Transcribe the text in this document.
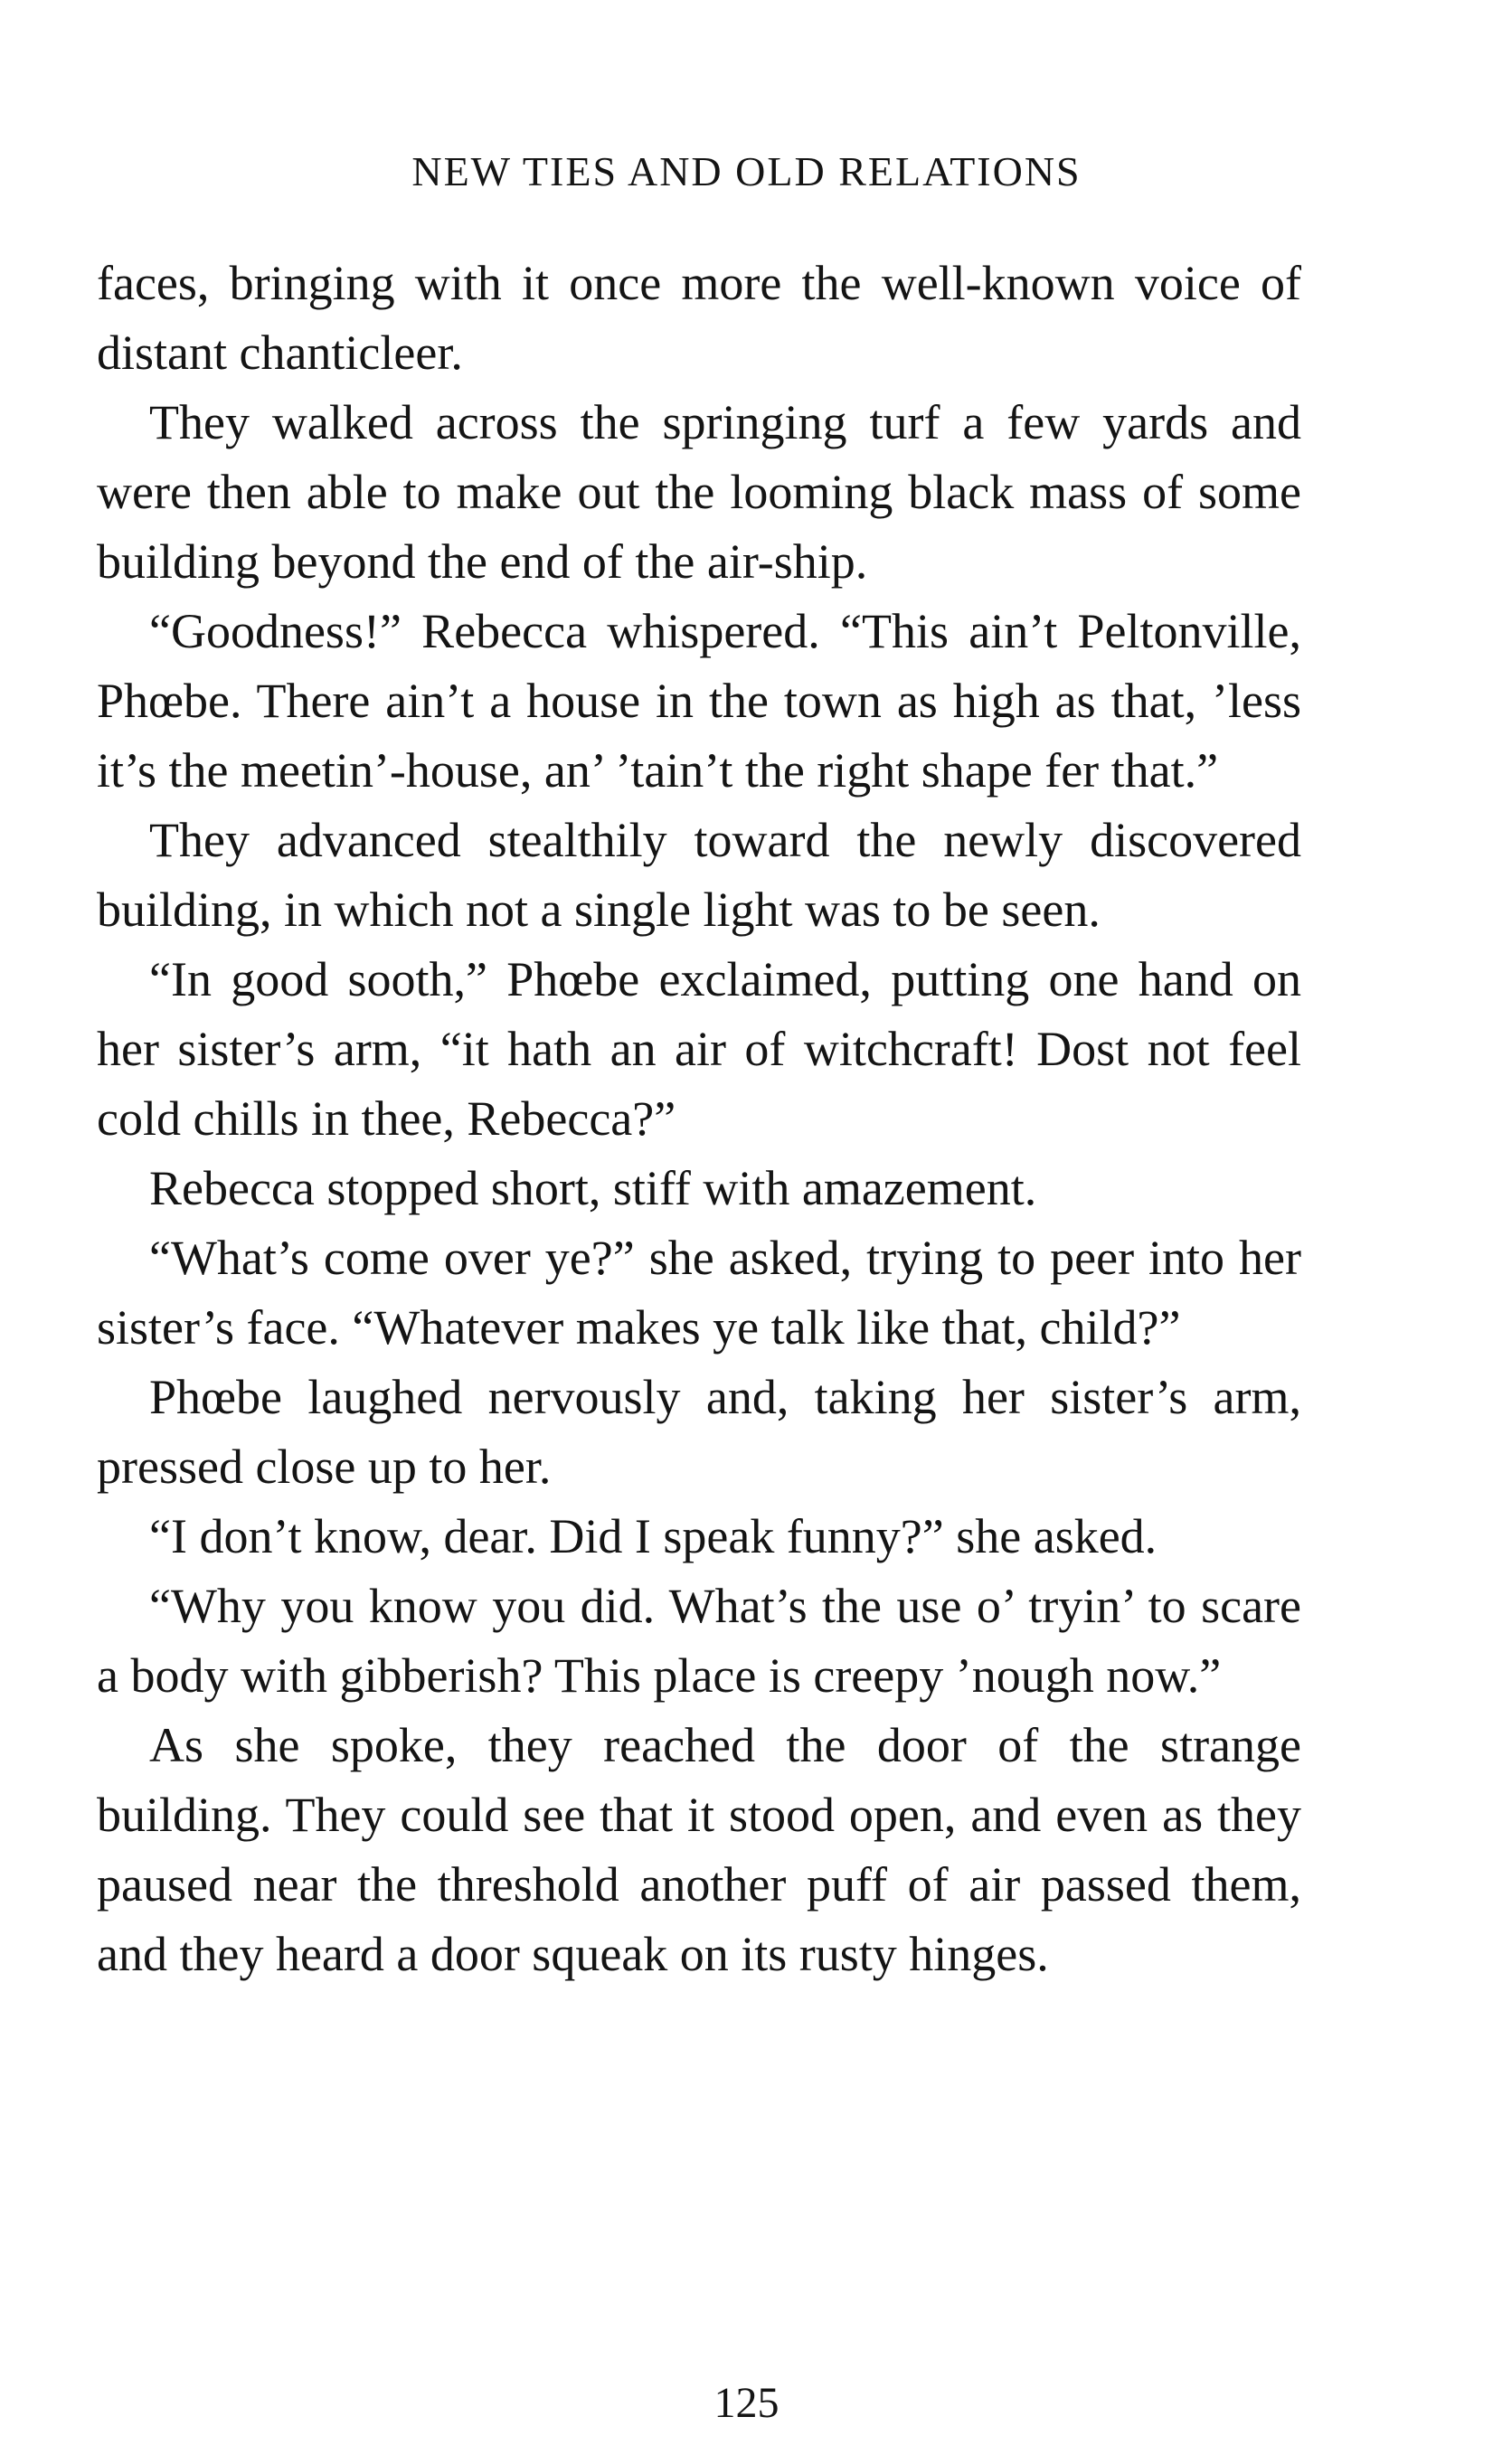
NEW TIES AND OLD RELATIONS

faces, bringing with it once more the well-known voice of distant chanticleer.

They walked across the springing turf a few yards and were then able to make out the looming black mass of some building beyond the end of the air-ship.

“Goodness!” Rebecca whispered. “This ain’t Peltonville, Phœbe. There ain’t a house in the town as high as that, ’less it’s the meetin’-house, an’ ’tain’t the right shape fer that.”

They advanced stealthily toward the newly discovered building, in which not a single light was to be seen.

“In good sooth,” Phœbe exclaimed, putting one hand on her sister’s arm, “it hath an air of witchcraft! Dost not feel cold chills in thee, Rebecca?”

Rebecca stopped short, stiff with amazement.

“What’s come over ye?” she asked, trying to peer into her sister’s face. “Whatever makes ye talk like that, child?”

Phœbe laughed nervously and, taking her sister’s arm, pressed close up to her.

“I don’t know, dear. Did I speak funny?” she asked.

“Why you know you did. What’s the use o’ tryin’ to scare a body with gibberish? This place is creepy ’nough now.”

As she spoke, they reached the door of the strange building. They could see that it stood open, and even as they paused near the threshold another puff of air passed them, and they heard a door squeak on its rusty hinges.

125
